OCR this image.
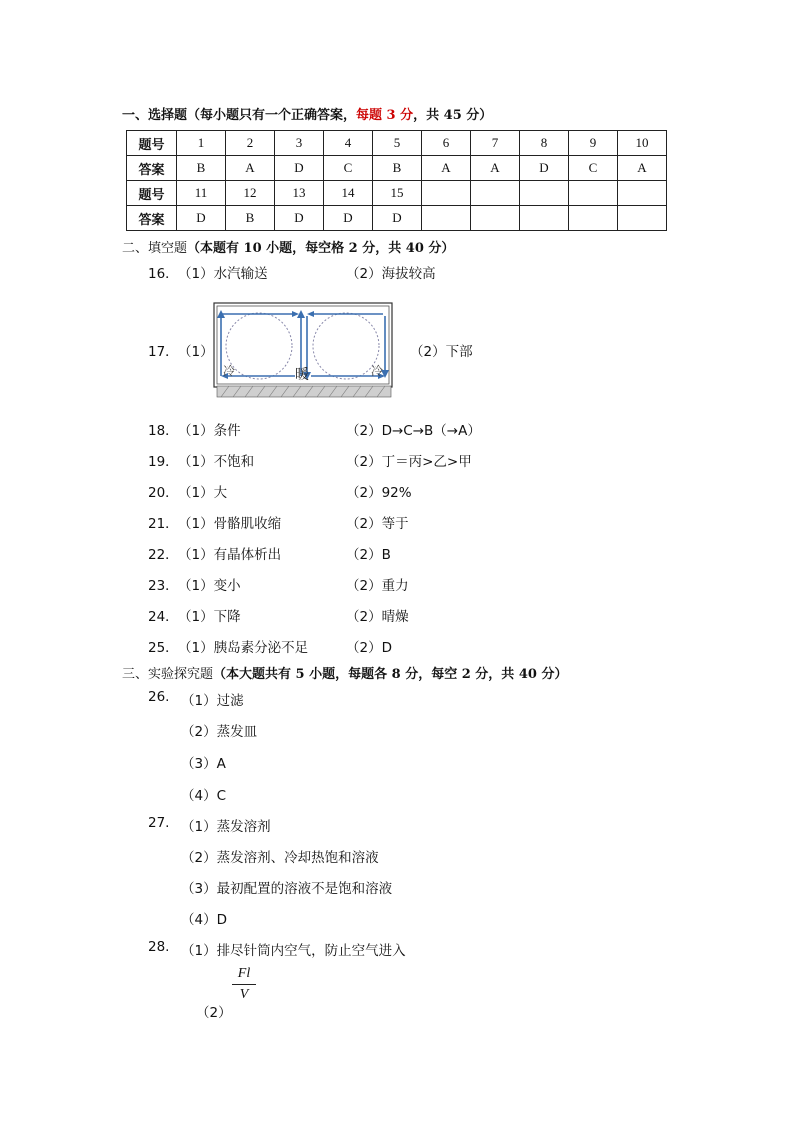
一、选择题（每小题只有一个正确答案，每题 3 分，共 45 分）
题号	1	2	3	4	5	6	7	8	9	10
答案	B	A	D	C	B	A	A	D	C	A
题号	11	12	13	14	15					
答案	D	B	D	D	D					
二、填空题（本题有 10 小题，每空格 2 分，共 40 分）
16． （1）水汽输送	（2）海拔较高
17． （1）	（2）下部
冷	暖	冷
18． （1）条件	（2）D→C→B（→A）
19． （1）不饱和	（2）丁＝丙>乙>甲
20． （1）大	（2）92%
21． （1）骨骼肌收缩	（2）等于
22． （1）有晶体析出	（2）B
23． （1）变小	（2）重力
24． （1）下降	（2）晴燥
25． （1）胰岛素分泌不足	（2）D
三、实验探究题（本大题共有 5 小题，每题各 8 分，每空 2 分，共 40 分）
26. （1）过滤
（2）蒸发皿
（3）A
（4）C
27. （1）蒸发溶剂
（2）蒸发溶剂、冷却热饱和溶液
（3）最初配置的溶液不是饱和溶液
（4）D
28. （1）排尽针筒内空气，防止空气进入
（2）
Fl
V
